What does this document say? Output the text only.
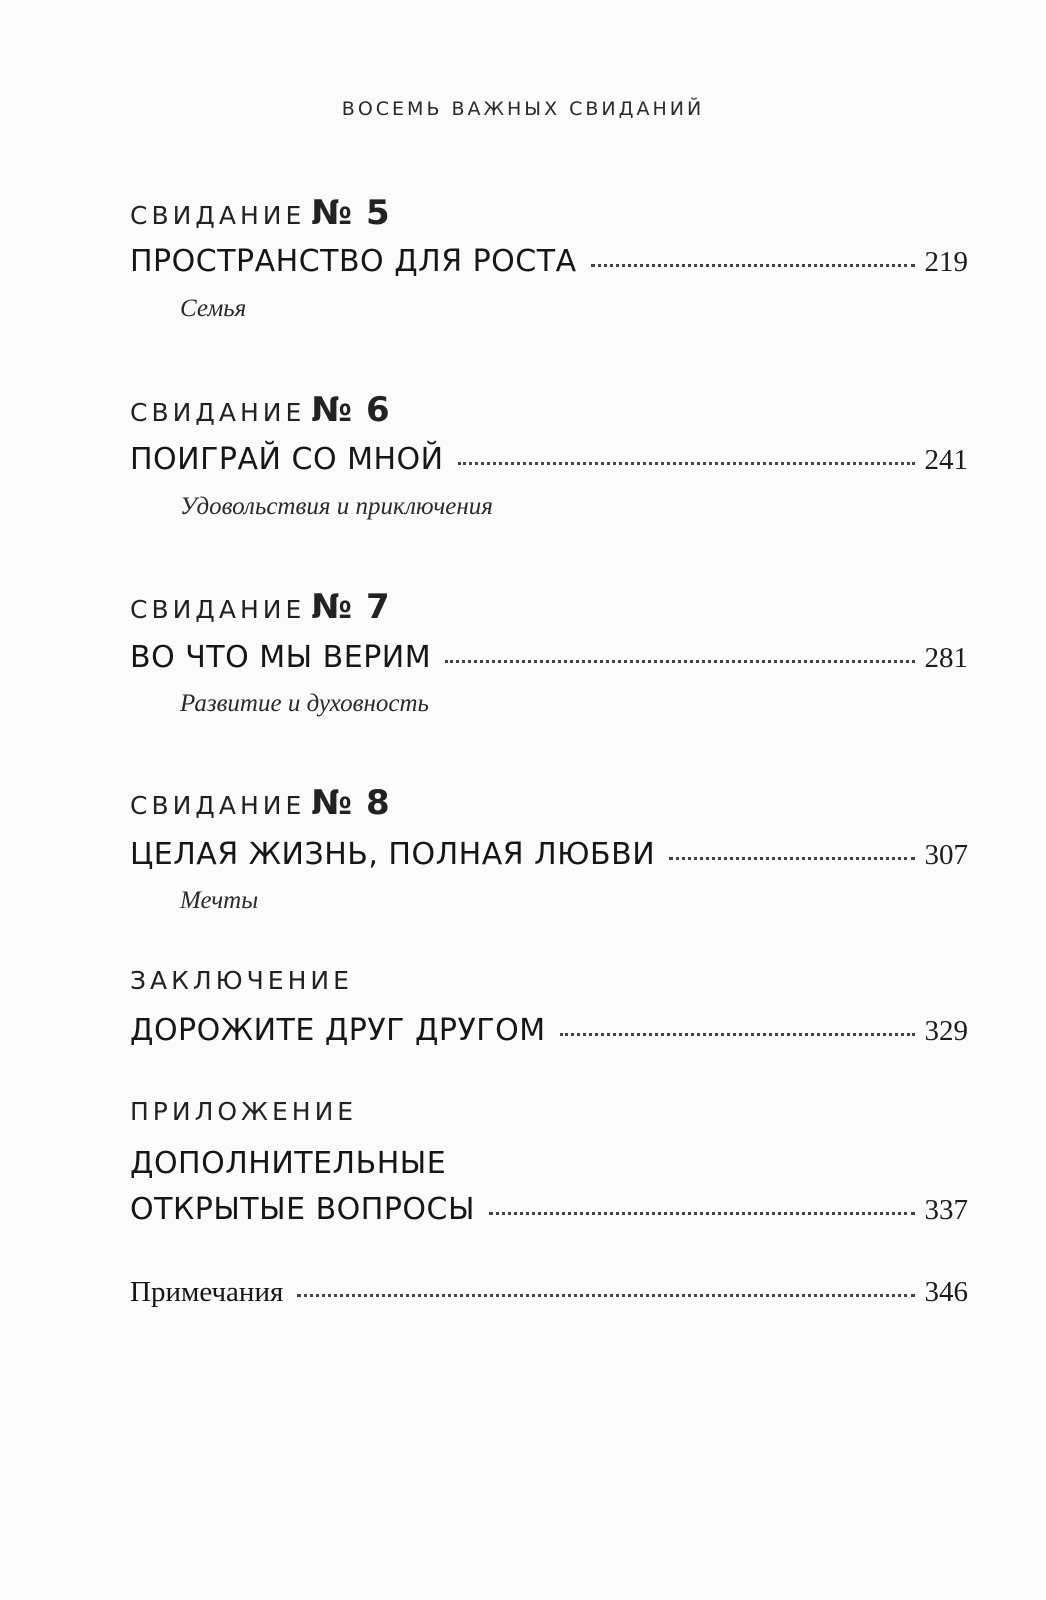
ВОСЕМЬ ВАЖНЫХ СВИДАНИЙ
СВИДАНИЕ № 5
ПРОСТРАНСТВО ДЛЯ РОСТА	219
Семья
СВИДАНИЕ № 6
ПОИГРАЙ СО МНОЙ	241
Удовольствия и приключения
СВИДАНИЕ № 7
ВО ЧТО МЫ ВЕРИМ	281
Развитие и духовность
СВИДАНИЕ № 8
ЦЕЛАЯ ЖИЗНЬ, ПОЛНАЯ ЛЮБВИ	307
Мечты
ЗАКЛЮЧЕНИЕ
ДОРОЖИТЕ ДРУГ ДРУГОМ	329
ПРИЛОЖЕНИЕ
ДОПОЛНИТЕЛЬНЫЕ
ОТКРЫТЫЕ ВОПРОСЫ	337
Примечания	346
